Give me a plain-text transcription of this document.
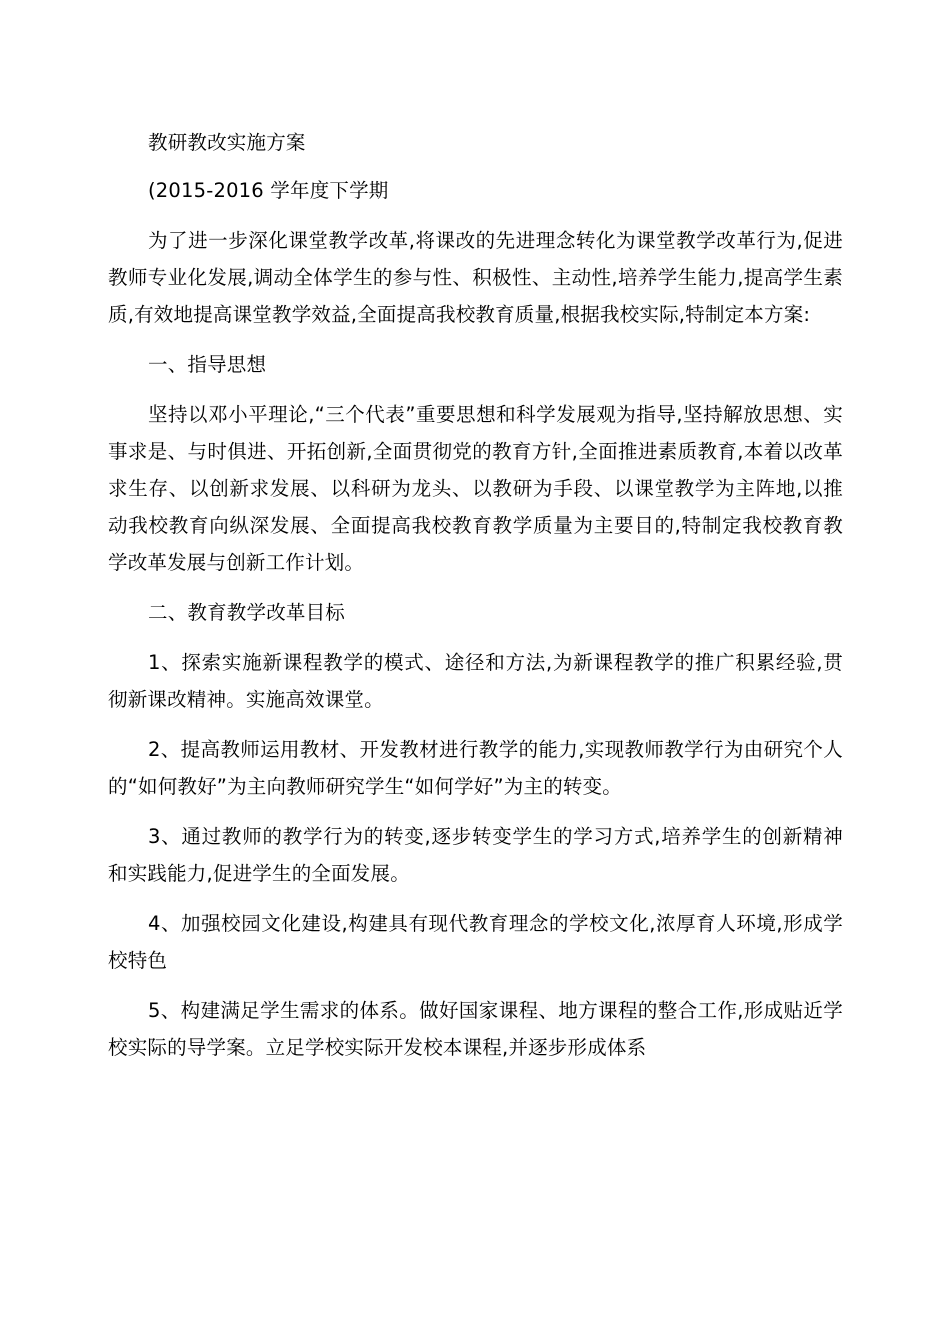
教研教改实施方案

(2015-2016 学年度下学期

为了进一步深化课堂教学改革,将课改的先进理念转化为课堂教学改革行为,促进教师专业化发展,调动全体学生的参与性、积极性、主动性,培养学生能力,提高学生素质,有效地提高课堂教学效益,全面提高我校教育质量,根据我校实际,特制定本方案:

一、指导思想

坚持以邓小平理论,“三个代表”重要思想和科学发展观为指导,坚持解放思想、实事求是、与时俱进、开拓创新,全面贯彻党的教育方针,全面推进素质教育,本着以改革求生存、以创新求发展、以科研为龙头、以教研为手段、以课堂教学为主阵地,以推动我校教育向纵深发展、全面提高我校教育教学质量为主要目的,特制定我校教育教学改革发展与创新工作计划。

二、教育教学改革目标

1、探索实施新课程教学的模式、途径和方法,为新课程教学的推广积累经验,贯彻新课改精神。实施高效课堂。

2、提高教师运用教材、开发教材进行教学的能力,实现教师教学行为由研究个人的“如何教好”为主向教师研究学生“如何学好”为主的转变。

3、通过教师的教学行为的转变,逐步转变学生的学习方式,培养学生的创新精神和实践能力,促进学生的全面发展。

4、加强校园文化建设,构建具有现代教育理念的学校文化,浓厚育人环境,形成学校特色

5、构建满足学生需求的体系。做好国家课程、地方课程的整合工作,形成贴近学校实际的导学案。立足学校实际开发校本课程,并逐步形成体系
